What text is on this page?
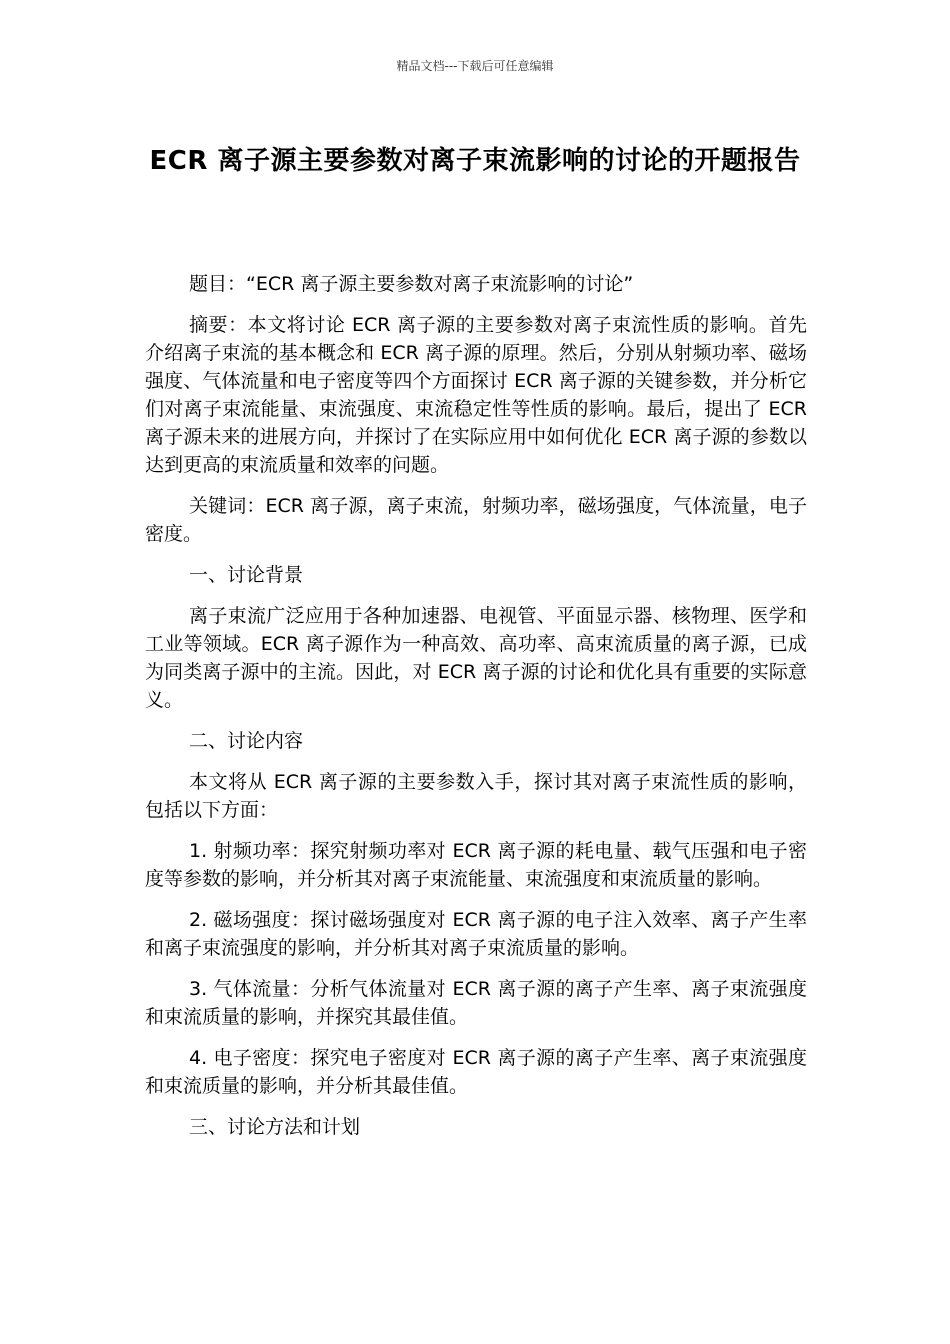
精品文档---下载后可任意编辑
ECR 离子源主要参数对离子束流影响的讨论的开题报告

题目：“ECR 离子源主要参数对离子束流影响的讨论”

摘要：本文将讨论 ECR 离子源的主要参数对离子束流性质的影响。首先介绍离子束流的基本概念和 ECR 离子源的原理。然后，分别从射频功率、磁场强度、气体流量和电子密度等四个方面探讨 ECR 离子源的关键参数，并分析它们对离子束流能量、束流强度、束流稳定性等性质的影响。最后，提出了 ECR 离子源未来的进展方向，并探讨了在实际应用中如何优化 ECR 离子源的参数以达到更高的束流质量和效率的问题。

关键词：ECR 离子源，离子束流，射频功率，磁场强度，气体流量，电子密度。

一、讨论背景

离子束流广泛应用于各种加速器、电视管、平面显示器、核物理、医学和工业等领域。ECR 离子源作为一种高效、高功率、高束流质量的离子源，已成为同类离子源中的主流。因此，对 ECR 离子源的讨论和优化具有重要的实际意义。

二、讨论内容

本文将从 ECR 离子源的主要参数入手，探讨其对离子束流性质的影响，包括以下方面：

1. 射频功率：探究射频功率对 ECR 离子源的耗电量、载气压强和电子密度等参数的影响，并分析其对离子束流能量、束流强度和束流质量的影响。

2. 磁场强度：探讨磁场强度对 ECR 离子源的电子注入效率、离子产生率和离子束流强度的影响，并分析其对离子束流质量的影响。

3. 气体流量：分析气体流量对 ECR 离子源的离子产生率、离子束流强度和束流质量的影响，并探究其最佳值。

4. 电子密度：探究电子密度对 ECR 离子源的离子产生率、离子束流强度和束流质量的影响，并分析其最佳值。

三、讨论方法和计划
